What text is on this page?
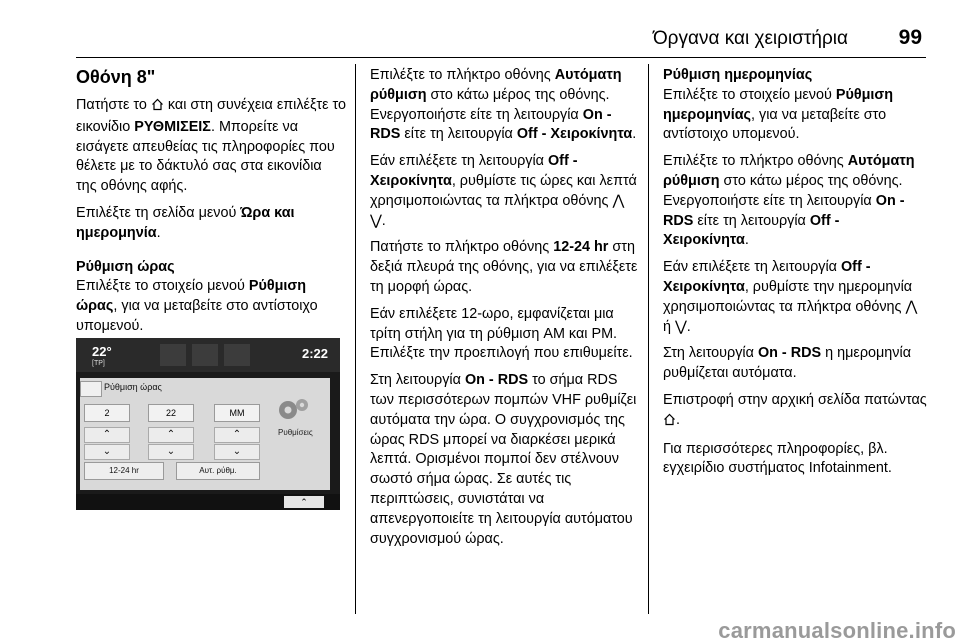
Όργανα και χειριστήρια 99

Οθόνη 8"

Πατήστε το  και στη συνέχεια επιλέξτε το εικονίδιο ΡΥΘΜΙΣΕΙΣ. Μπορείτε να εισάγετε απευθείας τις πληροφορίες που θέλετε με το δάκτυλό σας στα εικονίδια της οθόνης αφής.

Επιλέξτε τη σελίδα μενού Ώρα και ημερομηνία.

Ρύθμιση ώρας

Επιλέξτε το στοιχείο μενού Ρύθμιση ώρας, για να μεταβείτε στο αντίστοιχο υπομενού.

22°
[TP]
2:22
Ρύθμιση ώρας
2	22	MM
⌃	⌃	⌃
⌄	⌄	⌄
12-24 hr	Αυτ. ρύθμ.
Ρυθμίσεις
⌃

Επιλέξτε το πλήκτρο οθόνης Αυτόματη ρύθμιση στο κάτω μέρος της οθόνης. Ενεργοποιήστε είτε τη λειτουργία On - RDS είτε τη λειτουργία Off - Χειροκίνητα.

Εάν επιλέξετε τη λειτουργία Off - Χειροκίνητα, ρυθμίστε τις ώρες και λεπτά χρησιμοποιώντας τα πλήκτρα οθόνης ⋀ ⋁.

Πατήστε το πλήκτρο οθόνης 12-24 hr στη δεξιά πλευρά της οθόνης, για να επιλέξετε τη μορφή ώρας.

Εάν επιλέξετε 12-ωρο, εμφανίζεται μια τρίτη στήλη για τη ρύθμιση AM και PM. Επιλέξτε την προεπιλογή που επιθυμείτε.

Στη λειτουργία On - RDS το σήμα RDS των περισσότερων πομπών VHF ρυθμίζει αυτόματα την ώρα. Ο συγχρονισμός της ώρας RDS μπορεί να διαρκέσει μερικά λεπτά. Ορισμένοι πομποί δεν στέλνουν σωστό σήμα ώρας. Σε αυτές τις περιπτώσεις, συνιστάται να απενεργοποιείτε τη λειτουργία αυτόματου συγχρονισμού ώρας.

Ρύθμιση ημερομηνίας

Επιλέξτε το στοιχείο μενού Ρύθμιση ημερομηνίας, για να μεταβείτε στο αντίστοιχο υπομενού.

Επιλέξτε το πλήκτρο οθόνης Αυτόματη ρύθμιση στο κάτω μέρος της οθόνης. Ενεργοποιήστε είτε τη λειτουργία On - RDS είτε τη λειτουργία Off - Χειροκίνητα.

Εάν επιλέξετε τη λειτουργία Off - Χειροκίνητα, ρυθμίστε την ημερομηνία χρησιμοποιώντας τα πλήκτρα οθόνης ⋀ ή ⋁.

Στη λειτουργία On - RDS η ημερομηνία ρυθμίζεται αυτόματα.

Επιστροφή στην αρχική σελίδα πατώντας .

Για περισσότερες πληροφορίες, βλ. εγχειρίδιο συστήματος Infotainment.

carmanualsonline.info
